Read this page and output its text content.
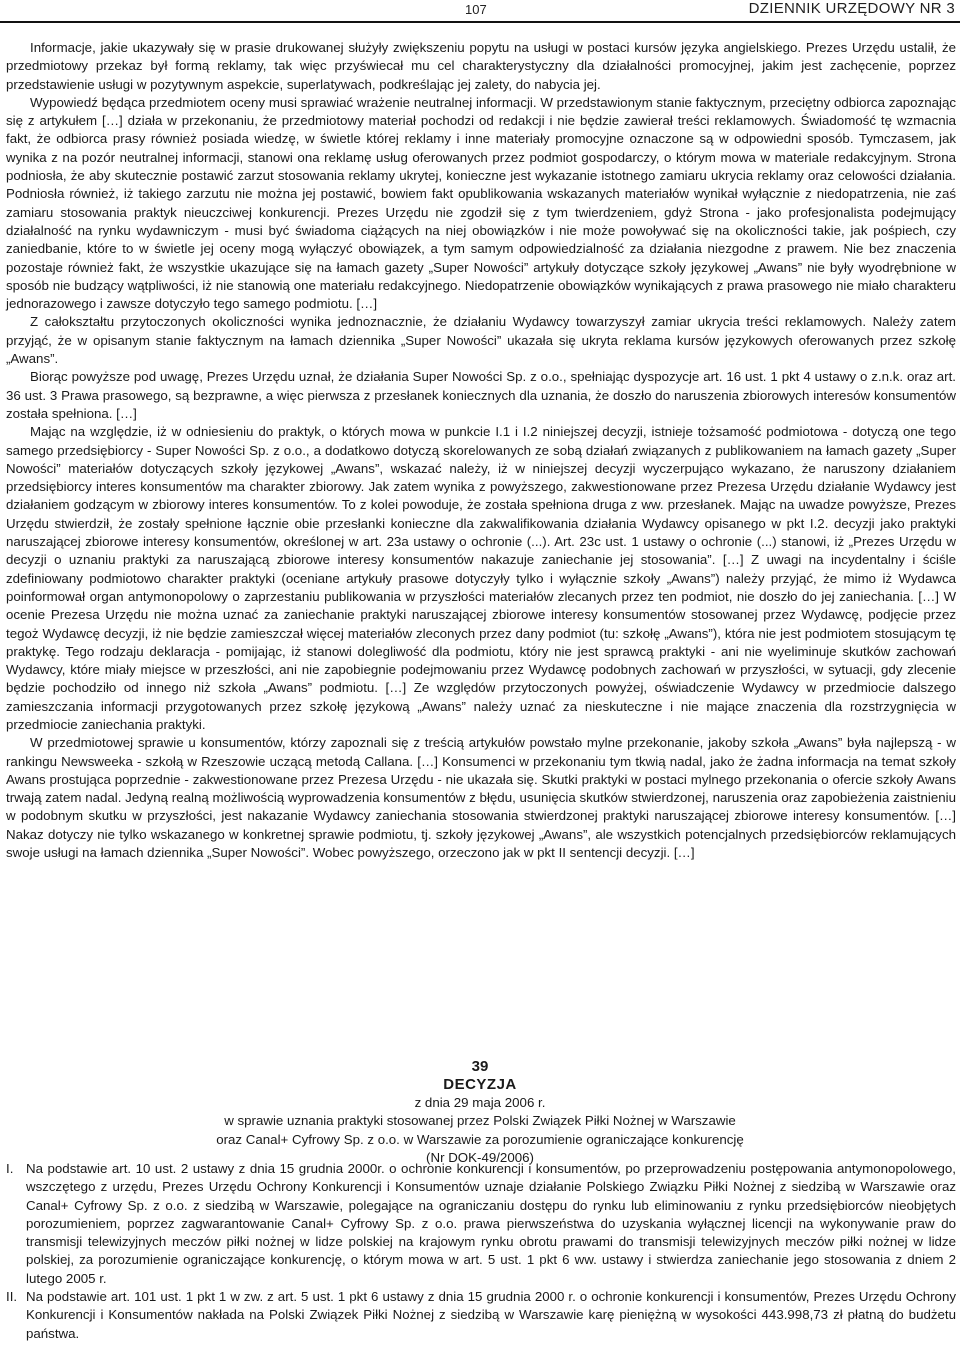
107	DZIENNIK URZĘDOWY NR 3

Informacje, jakie ukazywały się w prasie drukowanej służyły zwiększeniu popytu na usługi w postaci kursów języka angielskiego. Prezes Urzędu ustalił, że przedmiotowy przekaz był formą reklamy, tak więc przyświecał mu cel charakterystyczny dla działalności promocyjnej, jakim jest zachęcenie, poprzez przedstawienie usługi w pozytywnym aspekcie, superlatywach, podkreślając jej zalety, do nabycia jej.

Wypowiedź będąca przedmiotem oceny musi sprawiać wrażenie neutralnej informacji. W przedstawionym stanie faktycznym, przeciętny odbiorca zapoznając się z artykułem […] działa w przekonaniu, że przedmiotowy materiał pochodzi od redakcji i nie będzie zawierał treści reklamowych. Świadomość tę wzmacnia fakt, że odbiorca prasy również posiada wiedzę, w świetle której reklamy i inne materiały promocyjne oznaczone są w odpowiedni sposób. Tymczasem, jak wynika z na pozór neutralnej informacji, stanowi ona reklamę usług oferowanych przez podmiot gospodarczy, o którym mowa w materiale redakcyjnym. Strona podniosła, że aby skutecznie postawić zarzut stosowania reklamy ukrytej, konieczne jest wykazanie istotnego zamiaru ukrycia reklamy oraz celowości działania. Podniosła również, iż takiego zarzutu nie można jej postawić, bowiem fakt opublikowania wskazanych materiałów wynikał wyłącznie z niedopatrzenia, nie zaś zamiaru stosowania praktyk nieuczciwej konkurencji. Prezes Urzędu nie zgodził się z tym twierdzeniem, gdyż Strona - jako profesjonalista podejmujący działalność na rynku wydawniczym - musi być świadoma ciążących na niej obowiązków i nie może powoływać się na okoliczności takie, jak pośpiech, czy zaniedbanie, które to w świetle jej oceny mogą wyłączyć obowiązek, a tym samym odpowiedzialność za działania niezgodne z prawem. Nie bez znaczenia pozostaje również fakt, że wszystkie ukazujące się na łamach gazety „Super Nowości” artykuły dotyczące szkoły językowej „Awans” nie były wyodrębnione w sposób nie budzący wątpliwości, iż nie stanowią one materiału redakcyjnego. Niedopatrzenie obowiązków wynikających z prawa prasowego nie miało charakteru jednorazowego i zawsze dotyczyło tego samego podmiotu. […]

Z całokształtu przytoczonych okoliczności wynika jednoznacznie, że działaniu Wydawcy towarzyszył zamiar ukrycia treści reklamowych. Należy zatem przyjąć, że w opisanym stanie faktycznym na łamach dziennika „Super Nowości” ukazała się ukryta reklama kursów językowych oferowanych przez szkołę „Awans”.

Biorąc powyższe pod uwagę, Prezes Urzędu uznał, że działania Super Nowości Sp. z o.o., spełniając dyspozycje art. 16 ust. 1 pkt 4 ustawy o z.n.k. oraz art. 36 ust. 3 Prawa prasowego, są bezprawne, a więc pierwsza z przesłanek koniecznych dla uznania, że doszło do naruszenia zbiorowych interesów konsumentów została spełniona. […]

Mając na względzie, iż w odniesieniu do praktyk, o których mowa w punkcie I.1 i I.2 niniejszej decyzji, istnieje tożsamość podmiotowa - dotyczą one tego samego przedsiębiorcy - Super Nowości Sp. z o.o., a dodatkowo dotyczą skorelowanych ze sobą działań związanych z publikowaniem na łamach gazety „Super Nowości” materiałów dotyczących szkoły językowej „Awans”, wskazać należy, iż w niniejszej decyzji wyczerpująco wykazano, że naruszony działaniem przedsiębiorcy interes konsumentów ma charakter zbiorowy. Jak zatem wynika z powyższego, zakwestionowane przez Prezesa Urzędu działanie Wydawcy jest działaniem godzącym w zbiorowy interes konsumentów. To z kolei powoduje, że została spełniona druga z ww. przesłanek. Mając na uwadze powyższe, Prezes Urzędu stwierdził, że zostały spełnione łącznie obie przesłanki konieczne dla zakwalifikowania działania Wydawcy opisanego w pkt I.2. decyzji jako praktyki naruszającej zbiorowe interesy konsumentów, określonej w art. 23a ustawy o ochronie (...). Art. 23c ust. 1 ustawy o ochronie (...) stanowi, iż „Prezes Urzędu w decyzji o uznaniu praktyki za naruszającą zbiorowe interesy konsumentów nakazuje zaniechanie jej stosowania”. […] Z uwagi na incydentalny i ściśle zdefiniowany podmiotowo charakter praktyki (oceniane artykuły prasowe dotyczyły tylko i wyłącznie szkoły „Awans”) należy przyjąć, że mimo iż Wydawca poinformował organ antymonopolowy o zaprzestaniu publikowania w przyszłości materiałów zlecanych przez ten podmiot, nie doszło do jej zaniechania. […] W ocenie Prezesa Urzędu nie można uznać za zaniechanie praktyki naruszającej zbiorowe interesy konsumentów stosowanej przez Wydawcę, podjęcie przez tegoż Wydawcę decyzji, iż nie będzie zamieszczał więcej materiałów zleconych przez dany podmiot (tu: szkołę „Awans”), która nie jest podmiotem stosującym tę praktykę. Tego rodzaju deklaracja - pomijając, iż stanowi dolegliwość dla podmiotu, który nie jest sprawcą praktyki - ani nie wyeliminuje skutków zachowań Wydawcy, które miały miejsce w przeszłości, ani nie zapobiegnie podejmowaniu przez Wydawcę podobnych zachowań w przyszłości, w sytuacji, gdy zlecenie będzie pochodziło od innego niż szkoła „Awans” podmiotu. […] Ze względów przytoczonych powyżej, oświadczenie Wydawcy w przedmiocie dalszego zamieszczania informacji przygotowanych przez szkołę językową „Awans” należy uznać za nieskuteczne i nie mające znaczenia dla rozstrzygnięcia w przedmiocie zaniechania praktyki.

W przedmiotowej sprawie u konsumentów, którzy zapoznali się z treścią artykułów powstało mylne przekonanie, jakoby szkoła „Awans” była najlepszą - w rankingu Newsweeka - szkołą w Rzeszowie uczącą metodą Callana. […] Konsumenci w przekonaniu tym tkwią nadal, jako że żadna informacja na temat szkoły Awans prostująca poprzednie - zakwestionowane przez Prezesa Urzędu - nie ukazała się. Skutki praktyki w postaci mylnego przekonania o ofercie szkoły Awans trwają zatem nadal. Jedyną realną możliwością wyprowadzenia konsumentów z błędu, usunięcia skutków stwierdzonej, naruszenia oraz zapobieżenia zaistnieniu w podobnym skutku w przyszłości, jest nakazanie Wydawcy zaniechania stosowania stwierdzonej praktyki naruszającej zbiorowe interesy konsumentów. […] Nakaz dotyczy nie tylko wskazanego w konkretnej sprawie podmiotu, tj. szkoły językowej „Awans”, ale wszystkich potencjalnych przedsiębiorców reklamujących swoje usługi na łamach dziennika „Super Nowości”. Wobec powyższego, orzeczono jak w pkt II sentencji decyzji. […]

39
DECYZJA
z dnia 29 maja 2006 r.
w sprawie uznania praktyki stosowanej przez Polski Związek Piłki Nożnej w Warszawie
oraz Canal+ Cyfrowy Sp. z o.o. w Warszawie za porozumienie ograniczające konkurencję
(Nr DOK-49/2006)
I. Na podstawie art. 10 ust. 2 ustawy z dnia 15 grudnia 2000r. o ochronie konkurencji i konsumentów, po przeprowadzeniu postępowania antymonopolowego, wszczętego z urzędu, Prezes Urzędu Ochrony Konkurencji i Konsumentów uznaje działanie Polskiego Związku Piłki Nożnej z siedzibą w Warszawie oraz Canal+ Cyfrowy Sp. z o.o. z siedzibą w Warszawie, polegające na ograniczaniu dostępu do rynku lub eliminowaniu z rynku przedsiębiorców nieobjętych porozumieniem, poprzez zagwarantowanie Canal+ Cyfrowy Sp. z o.o. prawa pierwszeństwa do uzyskania wyłącznej licencji na wykonywanie praw do transmisji telewizyjnych meczów piłki nożnej w lidze polskiej na krajowym rynku obrotu prawami do transmisji telewizyjnych meczów piłki nożnej w lidze polskiej, za porozumienie ograniczające konkurencję, o którym mowa w art. 5 ust. 1 pkt 6 ww. ustawy i stwierdza zaniechanie jego stosowania z dniem 2 lutego 2005 r.
II. Na podstawie art. 101 ust. 1 pkt 1 w zw. z art. 5 ust. 1 pkt 6 ustawy z dnia 15 grudnia 2000 r. o ochronie konkurencji i konsumentów, Prezes Urzędu Ochrony Konkurencji i Konsumentów nakłada na Polski Związek Piłki Nożnej z siedzibą w Warszawie karę pieniężną w wysokości 443.998,73 zł płatną do budżetu państwa.
